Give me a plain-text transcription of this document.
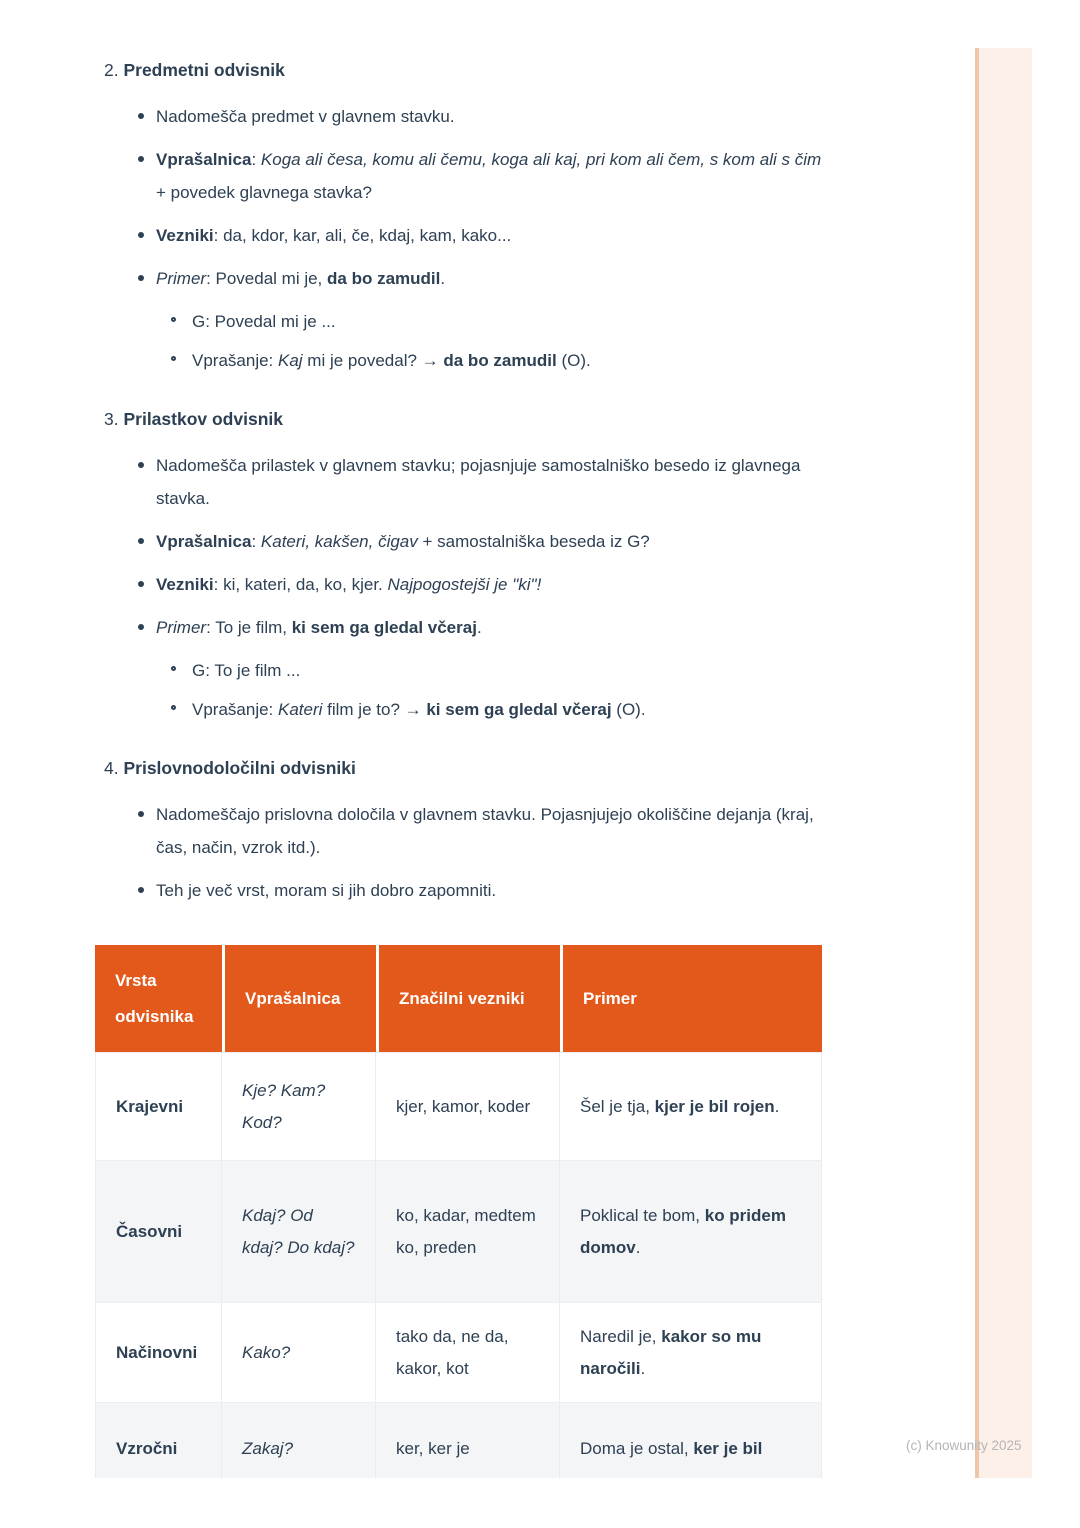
2. Predmetni odvisnik
Nadomešča predmet v glavnem stavku.
Vprašalnica: Koga ali česa, komu ali čemu, koga ali kaj, pri kom ali čem, s kom ali s čim + povedek glavnega stavka?
Vezniki: da, kdor, kar, ali, če, kdaj, kam, kako...
Primer: Povedal mi je, da bo zamudil.
G: Povedal mi je ...
Vprašanje: Kaj mi je povedal? → da bo zamudil (O).
3. Prilastkov odvisnik
Nadomešča prilastek v glavnem stavku; pojasnjuje samostalniško besedo iz glavnega stavka.
Vprašalnica: Kateri, kakšen, čigav + samostalniška beseda iz G?
Vezniki: ki, kateri, da, ko, kjer. Najpogostejši je "ki"!
Primer: To je film, ki sem ga gledal včeraj.
G: To je film ...
Vprašanje: Kateri film je to? → ki sem ga gledal včeraj (O).
4. Prislovnodoločilni odvisniki
Nadomeščajo prislovna določila v glavnem stavku. Pojasnjujejo okoliščine dejanja (kraj, čas, način, vzrok itd.).
Teh je več vrst, moram si jih dobro zapomniti.
Vrsta odvisnika	Vprašalnica	Značilni vezniki	Primer
Krajevni	Kje? Kam? Kod?	kjer, kamor, koder	Šel je tja, kjer je bil rojen.
Časovni	Kdaj? Od kdaj? Do kdaj?	ko, kadar, medtem ko, preden	Poklical te bom, ko pridem domov.
Načinovni	Kako?	tako da, ne da, kakor, kot	Naredil je, kakor so mu naročili.
Vzročni	Zakaj?	ker, ker je	Doma je ostal, ker je bil	(c) Knowunity 2025
